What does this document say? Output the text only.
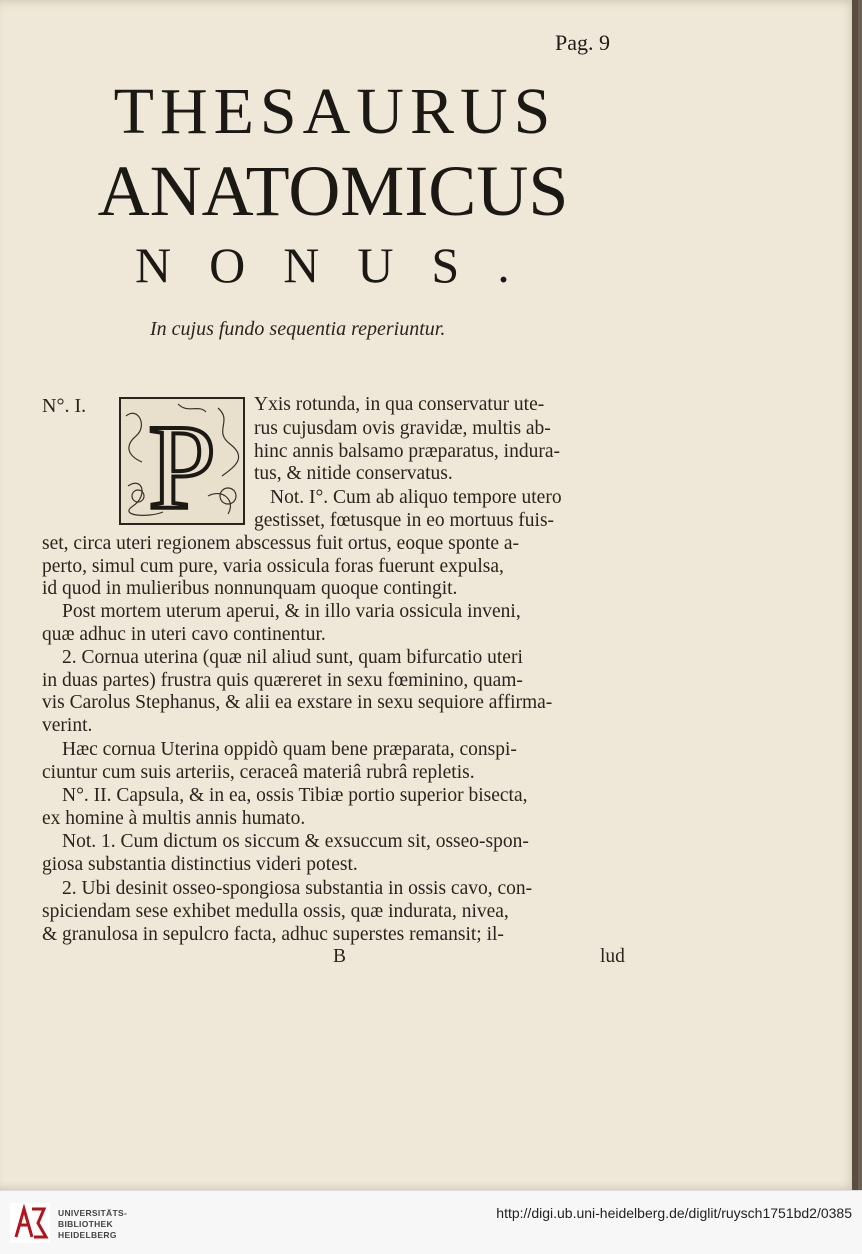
Pag. 9
THESAURUS
ANATOMICUS
NONUS.
In cujus fundo sequentia reperiuntur.
N°. I. P Yxis rotunda, in qua conservatur ute-
rus cujusdam ovis gravidæ, multis ab-
hinc annis balsamo præparatus, indura-
tus, & nitide conservatus.
Not. I°. Cum ab aliquo tempore utero
gestisset, fœtusque in eo mortuus fuis-
set, circa uteri regionem abscessus fuit ortus, eoque sponte a-
perto, simul cum pure, varia ossicula foras fuerunt expulsa,
id quod in mulieribus nonnunquam quoque contingit.
Post mortem uterum aperui, & in illo varia ossicula inveni,
quæ adhuc in uteri cavo continentur.
2. Cornua uterina (quæ nil aliud sunt, quam bifurcatio uteri
in duas partes) frustra quis quæreret in sexu fœminino, quam-
vis Carolus Stephanus, & alii ea exstare in sexu sequiore affirma-
verint.
Hæc cornua Uterina oppidò quam bene præparata, conspi-
ciuntur cum suis arteriis, ceraceâ materiâ rubrâ repletis.
N°. II. Capsula, & in ea, ossis Tibiæ portio superior bisecta,
ex homine à multis annis humato.
Not. 1. Cum dictum os siccum & exsuccum sit, osseo-spon-
giosa substantia distinctius videri potest.
2. Ubi desinit osseo-spongiosa substantia in ossis cavo, con-
spiciendam sese exhibet medulla ossis, quæ indurata, nivea,
& granulosa in sepulcro facta, adhuc superstes remansit; il-
B	lud
UNIVERSITÄTS-
BIBLIOTHEK
HEIDELBERG
http://digi.ub.uni-heidelberg.de/diglit/ruysch1751bd2/0385
